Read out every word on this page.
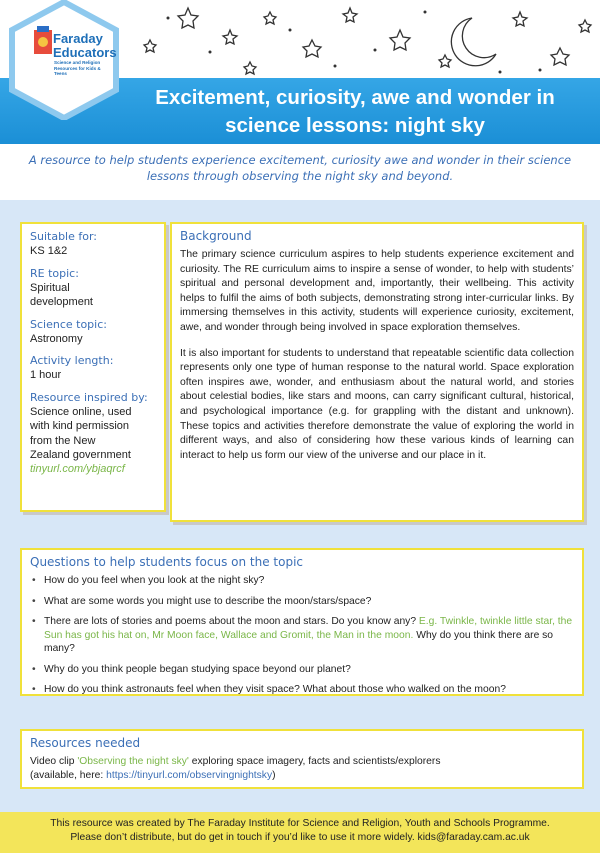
Faraday
Educators
Science and Religion Resources for Kids & Teens
Excitement, curiosity, awe and wonder in
science lessons: night sky
A resource to help students experience excitement, curiosity awe and wonder in their science
lessons through observing the night sky and beyond.
Suitable for:
KS 1&2
RE topic:
Spiritual
development
Science topic:
Astronomy
Activity length:
1 hour
Resource inspired by:
Science online, used
with kind permission
from the New
Zealand government
tinyurl.com/ybjaqrcf
Background

The primary science curriculum aspires to help students experience excitement and curiosity. The RE curriculum aims to inspire a sense of wonder, to help with students’ spiritual and personal development and, importantly, their wellbeing. This activity helps to fulfil the aims of both subjects, demonstrating strong inter-curricular links. By immersing themselves in this activity, students will experience curiosity, excitement, awe, and wonder through being involved in space exploration themselves.

It is also important for students to understand that repeatable scientific data collection represents only one type of human response to the natural world. Space exploration often inspires awe, wonder, and enthusiasm about the natural world, and stories about celestial bodies, like stars and moons, can carry significant cultural, historical, and psychological importance (e.g. for grappling with the distant and unknown). These topics and activities therefore demonstrate the value of exploring the world in different ways, and also of considering how these various kinds of learning can interact to help us form our view of the universe and our place in it.

Questions to help students focus on the topic
• How do you feel when you look at the night sky?
• What are some words you might use to describe the moon/stars/space?
• There are lots of stories and poems about the moon and stars. Do you know any? E.g. Twinkle, twinkle little star, the Sun has got his hat on, Mr Moon face, Wallace and Gromit, the Man in the moon. Why do you think there are so many?
• Why do you think people began studying space beyond our planet?
• How do you think astronauts feel when they visit space? What about those who walked on the moon?
Resources needed
Video clip 'Observing the night sky' exploring space imagery, facts and scientists/explorers
(available, here: https://tinyurl.com/observingnightsky)
This resource was created by The Faraday Institute for Science and Religion, Youth and Schools Programme.
Please don’t distribute, but do get in touch if you’d like to use it more widely. kids@faraday.cam.ac.uk
